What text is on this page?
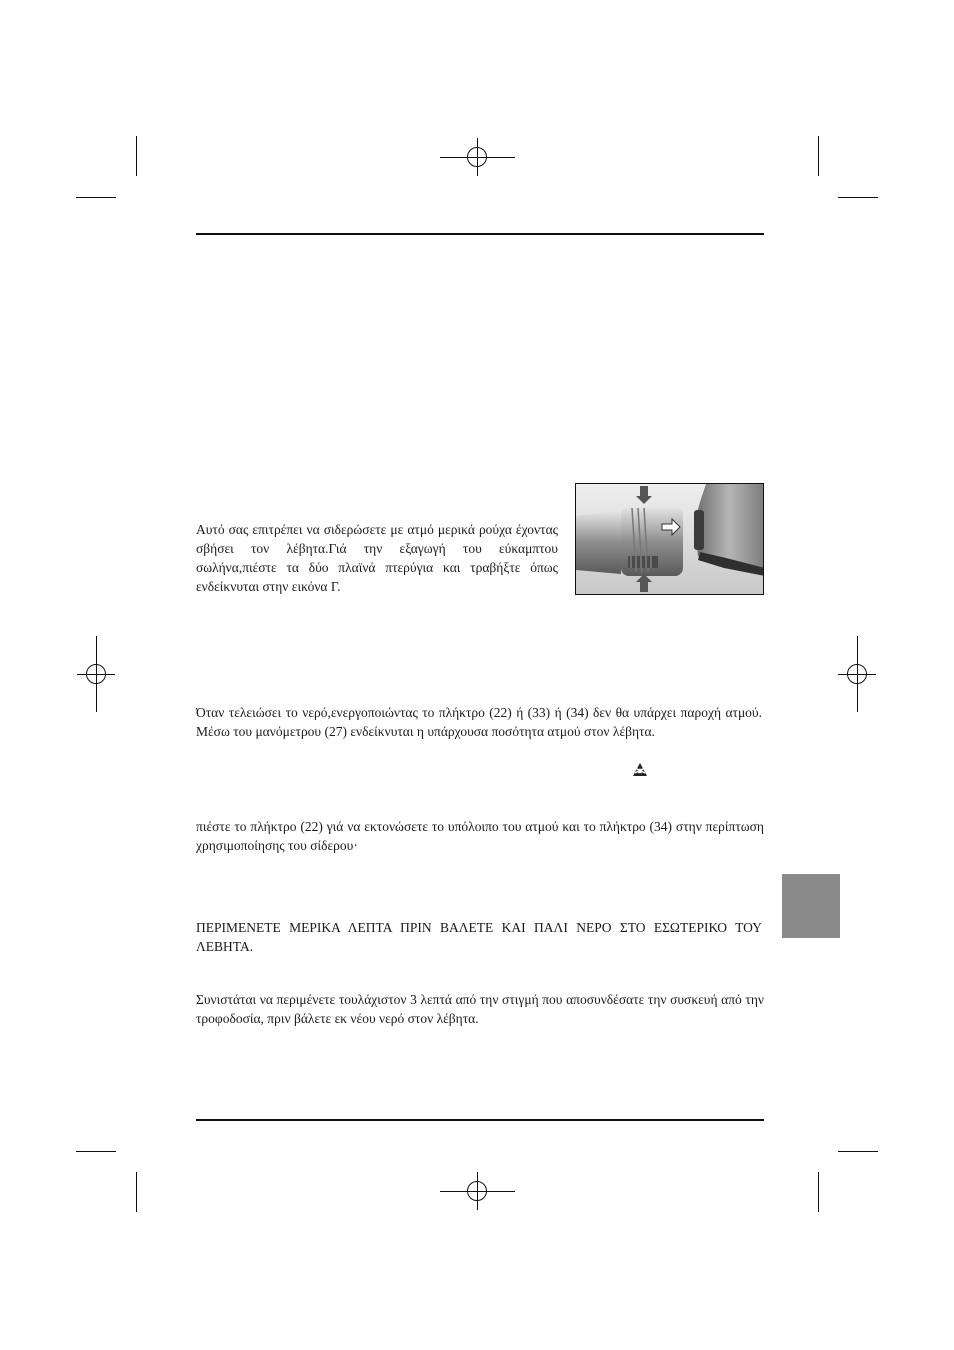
Αυτό σας επιτρέπει να σιδερώσετε με ατμό μερικά ρούχα έχοντας σβήσει τον λέβητα.Γιά την εξαγωγή του εύκαμπτου σωλήνα,πιέστε τα δύο πλαϊνά πτερύγια και τραβήξτε όπως ενδείκνυται στην εικόνα Γ.

Όταν τελειώσει το νερό,ενεργοποιώντας το πλήκτρο (22) ή (33) ή (34) δεν θα υπάρχει παροχή ατμού. Μέσω του μανόμετρου (27) ενδείκνυται η υπάρχουσα ποσότητα ατμού στον λέβητα.

πιέστε το πλήκτρο (22) γιά να εκτονώσετε το υπόλοιπο του ατμού και το πλήκτρο (34) στην περίπτωση χρησιμοποίησης του σίδερου·

ΠΕΡΙΜΕΝΕΤΕ ΜΕΡΙΚΑ ΛΕΠΤΑ ΠΡΙΝ ΒΑΛΕΤΕ ΚΑΙ ΠΑΛΙ ΝΕΡΟ ΣΤΟ ΕΣΩΤΕΡΙΚΟ ΤΟΥ ΛΕΒΗΤΑ.

Συνιστάται να περιμένετε τουλάχιστον 3 λεπτά από την στιγμή που αποσυνδέσατε την συσκευή από την τροφοδοσία, πριν βάλετε εκ νέου νερό στον λέβητα.
